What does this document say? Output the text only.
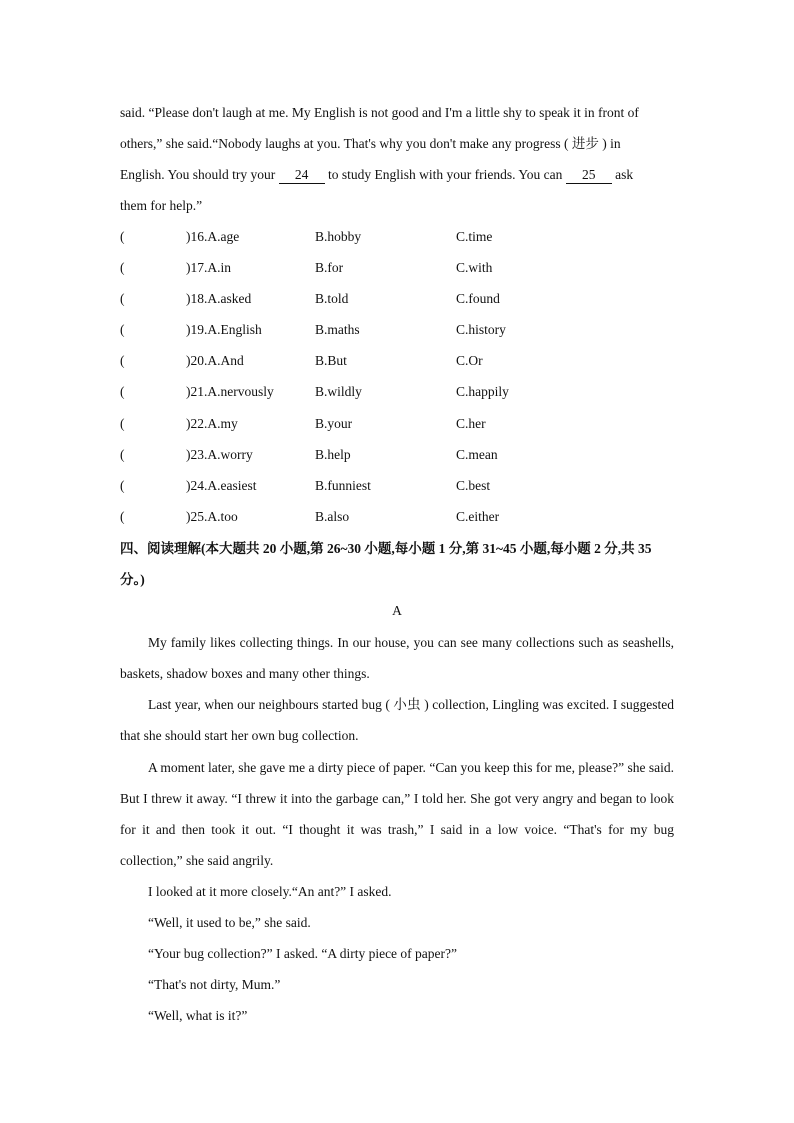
said. “Please don't laugh at me. My English is not good and I'm a little shy to speak it in front of
others,” she said.“Nobody laughs at you. That's why you don't make any progress ( 进步 ) in
English. You should try your 24 to study English with your friends. You can 25 ask
them for help.”
(	)16.A.age	B.hobby	C.time
(	)17.A.in	B.for	C.with
(	)18.A.asked	B.told	C.found
(	)19.A.English	B.maths	C.history
(	)20.A.And	B.But	C.Or
(	)21.A.nervously	B.wildly	C.happily
(	)22.A.my	B.your	C.her
(	)23.A.worry	B.help	C.mean
(	)24.A.easiest	B.funniest	C.best
(	)25.A.too	B.also	C.either
四、阅读理解(本大题共 20 小题,第 26~30 小题,每小题 1 分,第 31~45 小题,每小题 2 分,共 35 分。)
A
My family likes collecting things. In our house, you can see many collections such as seashells, baskets, shadow boxes and many other things.
Last year, when our neighbours started bug ( 小虫 ) collection, Lingling was excited. I suggested that she should start her own bug collection.
A moment later, she gave me a dirty piece of paper. “Can you keep this for me, please?” she said. But I threw it away. “I threw it into the garbage can,” I told her. She got very angry and began to look for it and then took it out. “I thought it was trash,” I said in a low voice. “That's for my bug collection,” she said angrily.
I looked at it more closely.“An ant?” I asked.
“Well, it used to be,” she said.
“Your bug collection?” I asked. “A dirty piece of paper?”
“That's not dirty, Mum.”
“Well, what is it?”
